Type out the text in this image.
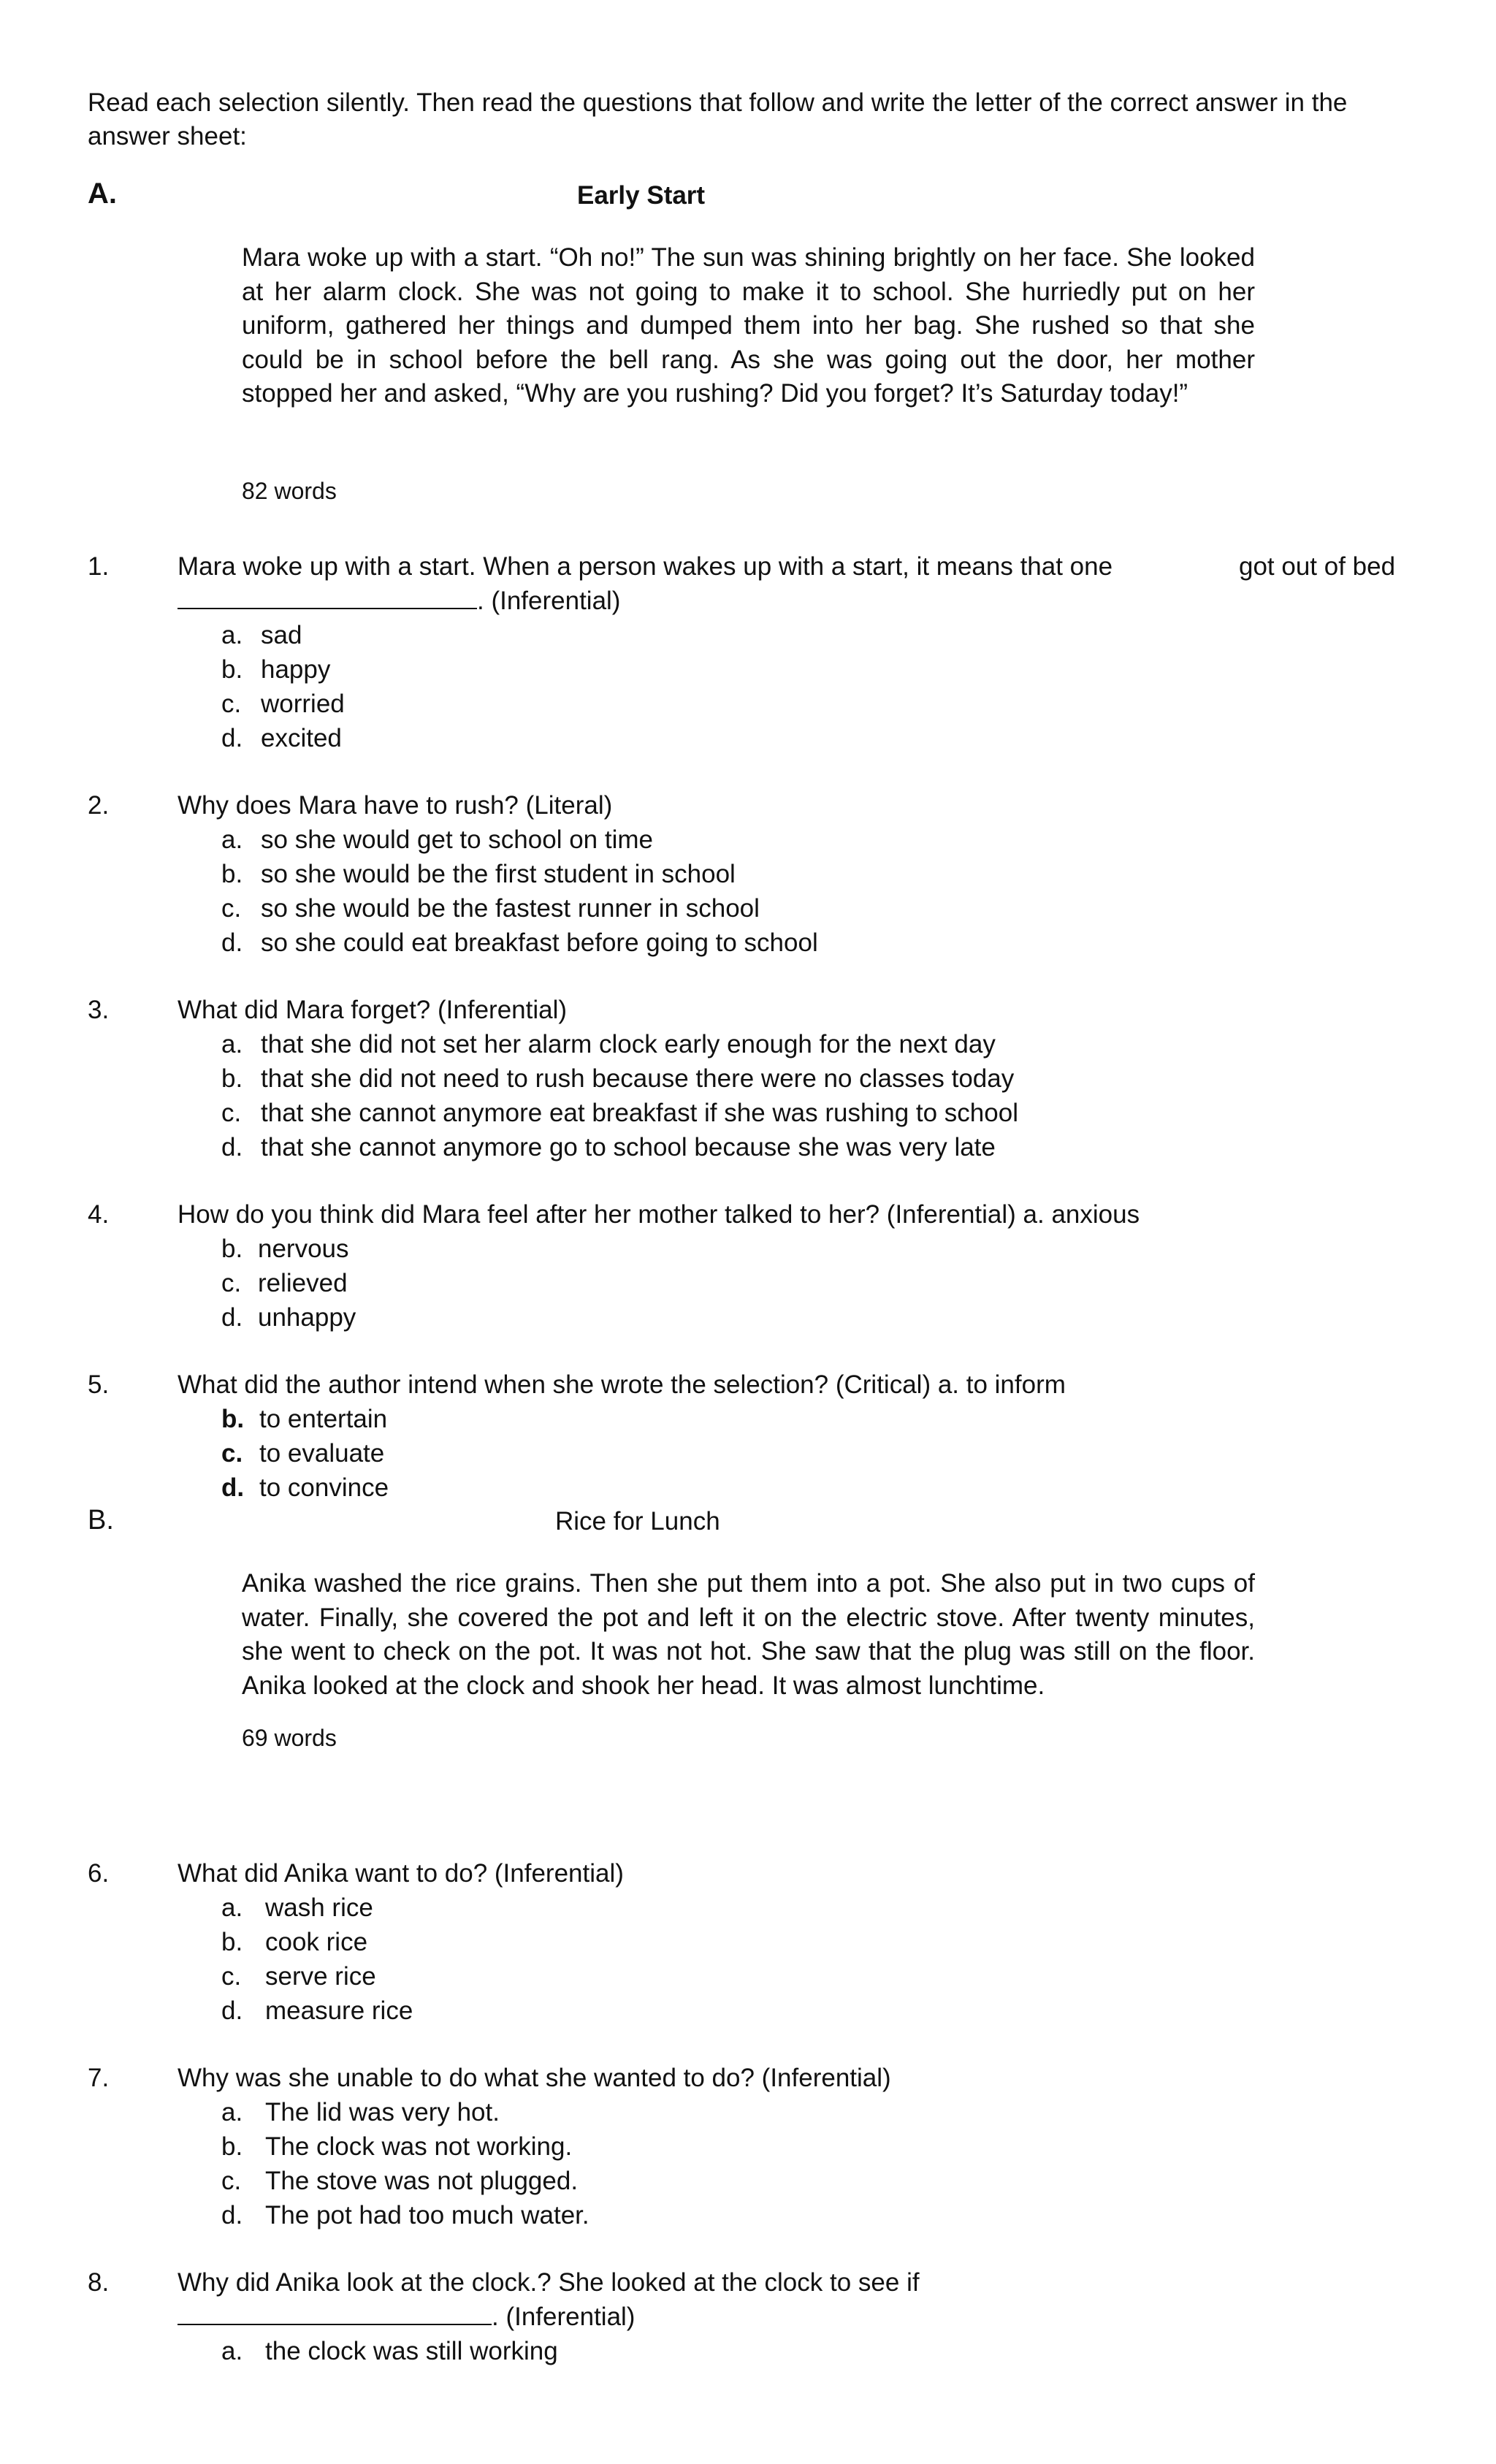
Read each selection silently. Then read the questions that follow and write the letter of the correct answer in the answer sheet:
A.	Early Start
Mara woke up with a start. “Oh no!” The sun was shining brightly on her face. She looked at her alarm clock. She was not going to make it to school. She hurriedly put on her uniform, gathered her things and dumped them into her bag. She rushed so that she could be in school before the bell rang. As she was going out the door, her mother stopped her and asked, “Why are you rushing? Did you forget? It’s Saturday today!”
82 words
1.	Mara woke up with a start. When a person wakes up with a start, it means that one	got out of bed
. (Inferential)
a. sad
b. happy
c. worried
d. excited
2.	Why does Mara have to rush? (Literal)
a. so she would get to school on time
b. so she would be the first student in school
c. so she would be the fastest runner in school
d. so she could eat breakfast before going to school
3.	What did Mara forget? (Inferential)
a. that she did not set her alarm clock early enough for the next day
b. that she did not need to rush because there were no classes today
c. that she cannot anymore eat breakfast if she was rushing to school
d. that she cannot anymore go to school because she was very late
4.	How do you think did Mara feel after her mother talked to her? (Inferential) a. anxious
b. nervous
c. relieved
d. unhappy
5.	What did the author intend when she wrote the selection? (Critical) a. to inform
b. to entertain
c. to evaluate
d. to convince
B.	Rice for Lunch
Anika washed the rice grains. Then she put them into a pot. She also put in two cups of water. Finally, she covered the pot and left it on the electric stove. After twenty minutes, she went to check on the pot. It was not hot. She saw that the plug was still on the floor. Anika looked at the clock and shook her head. It was almost lunchtime.
69 words
6.	What did Anika want to do? (Inferential)
a. wash rice
b. cook rice
c. serve rice
d. measure rice
7.	Why was she unable to do what she wanted to do? (Inferential)
a. The lid was very hot.
b. The clock was not working.
c. The stove was not plugged.
d. The pot had too much water.
8.	Why did Anika look at the clock.? She looked at the clock to see if
. (Inferential)
a. the clock was still working
